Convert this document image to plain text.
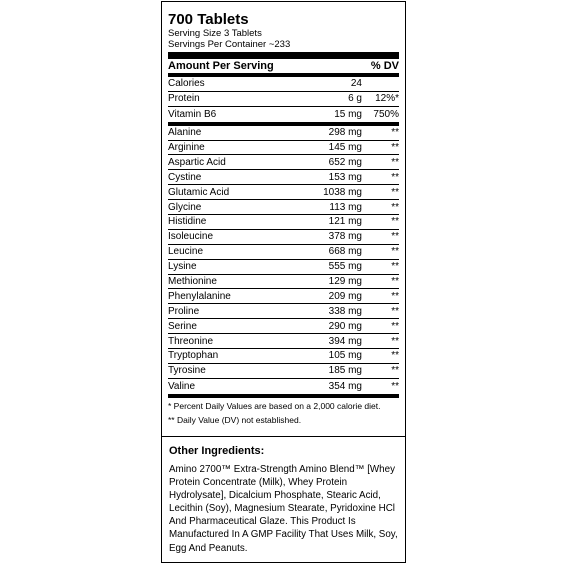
700 Tablets
Serving Size 3 Tablets
Servings Per Container ~233
Amount Per Serving	% DV
Calories	24
Protein	6 g	12%*
Vitamin B6	15 mg	750%
Alanine	298 mg	**
Arginine	145 mg	**
Aspartic Acid	652 mg	**
Cystine	153 mg	**
Glutamic Acid	1038 mg	**
Glycine	113 mg	**
Histidine	121 mg	**
Isoleucine	378 mg	**
Leucine	668 mg	**
Lysine	555 mg	**
Methionine	129 mg	**
Phenylalanine	209 mg	**
Proline	338 mg	**
Serine	290 mg	**
Threonine	394 mg	**
Tryptophan	105 mg	**
Tyrosine	185 mg	**
Valine	354 mg	**
* Percent Daily Values are based on a 2,000 calorie diet.
** Daily Value (DV) not established.
Other Ingredients:
Amino 2700™ Extra-Strength Amino Blend™ [Whey Protein Concentrate (Milk), Whey Protein Hydrolysate], Dicalcium Phosphate, Stearic Acid, Lecithin (Soy), Magnesium Stearate, Pyridoxine HCl And Pharmaceutical Glaze. This Product Is Manufactured In A GMP Facility That Uses Milk, Soy, Egg And Peanuts.
